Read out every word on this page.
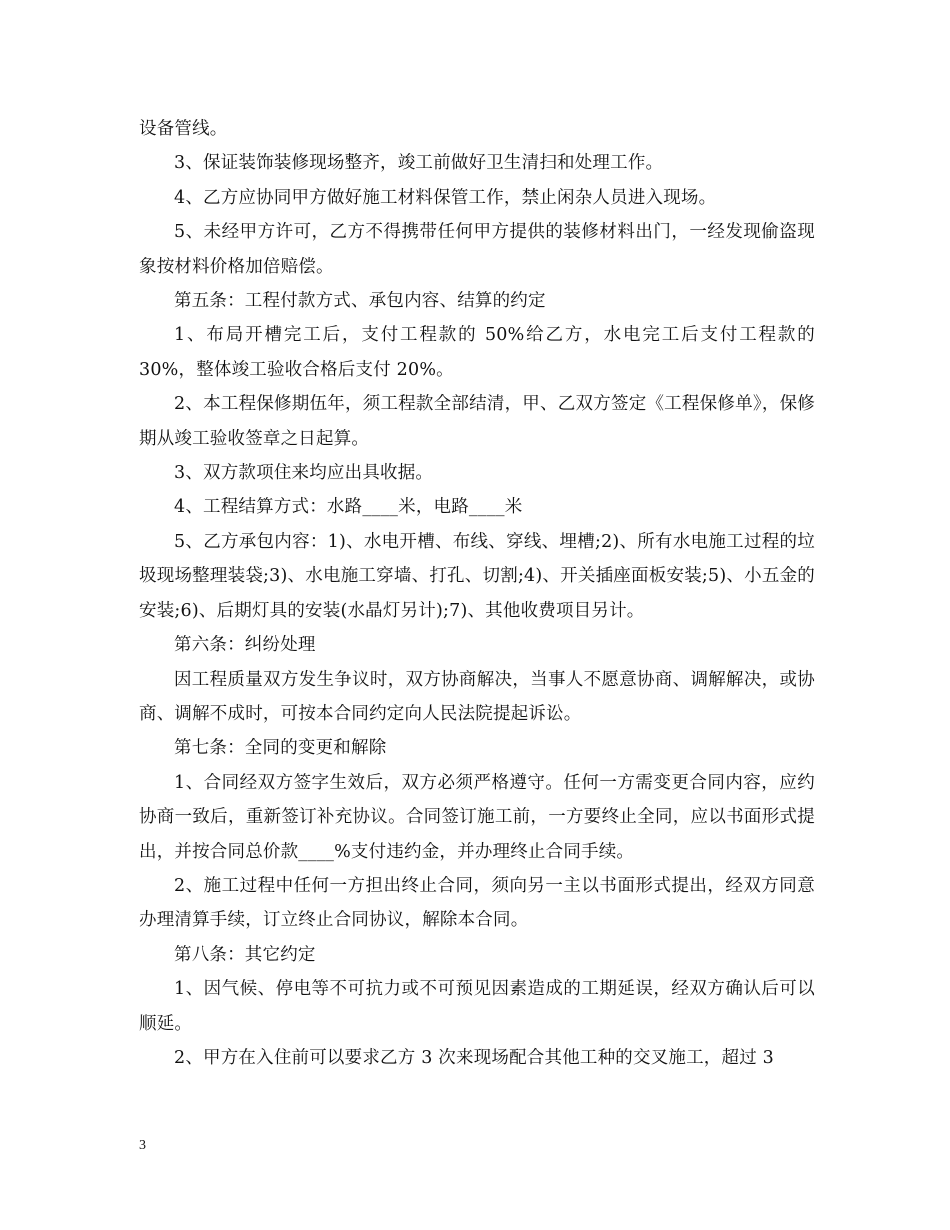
设备管线。

3、保证装饰装修现场整齐，竣工前做好卫生清扫和处理工作。

4、乙方应协同甲方做好施工材料保管工作，禁止闲杂人员进入现场。

5、未经甲方许可，乙方不得携带任何甲方提供的装修材料出门，一经发现偷盗现象按材料价格加倍赔偿。

第五条：工程付款方式、承包内容、结算的约定

1、布局开槽完工后，支付工程款的 50%给乙方，水电完工后支付工程款的 30%，整体竣工验收合格后支付 20%。

2、本工程保修期伍年，须工程款全部结清，甲、乙双方签定《工程保修单》，保修期从竣工验收签章之日起算。

3、双方款项住来均应出具收据。

4、工程结算方式：水路____米，电路____米

5、乙方承包内容：1)、水电开槽、布线、穿线、埋槽;2)、所有水电施工过程的垃圾现场整理装袋;3)、水电施工穿墙、打孔、切割;4)、开关插座面板安装;5)、小五金的安装;6)、后期灯具的安装(水晶灯另计);7)、其他收费项目另计。

第六条：纠纷处理

因工程质量双方发生争议时，双方协商解决，当事人不愿意协商、调解解决，或协商、调解不成时，可按本合同约定向人民法院提起诉讼。

第七条：全同的变更和解除

1、合同经双方签字生效后，双方必须严格遵守。任何一方需变更合同内容，应约协商一致后，重新签订补充协议。合同签订施工前，一方要终止全同，应以书面形式提出，并按合同总价款____%支付违约金，并办理终止合同手续。

2、施工过程中任何一方担出终止合同，须向另一主以书面形式提出，经双方同意办理清算手续，订立终止合同协议，解除本合同。

第八条：其它约定

1、因气候、停电等不可抗力或不可预见因素造成的工期延误，经双方确认后可以顺延。

2、甲方在入住前可以要求乙方 3 次来现场配合其他工种的交叉施工，超过 3

3
